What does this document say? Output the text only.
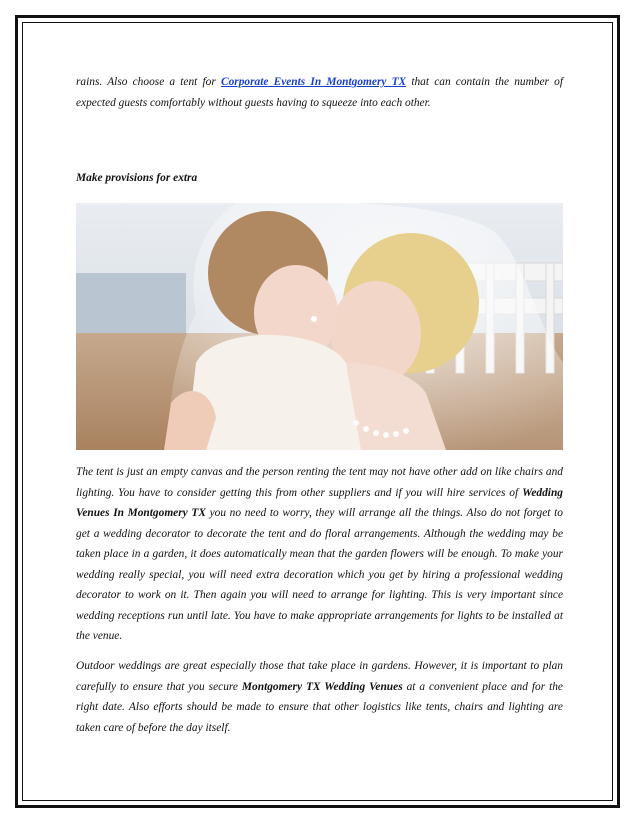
rains. Also choose a tent for Corporate Events In Montgomery TX that can contain the number of expected guests comfortably without guests having to squeeze into each other.

Make provisions for extra

The tent is just an empty canvas and the person renting the tent may not have other add on like chairs and lighting. You have to consider getting this from other suppliers and if you will hire services of Wedding Venues In Montgomery TX you no need to worry, they will arrange all the things. Also do not forget to get a wedding decorator to decorate the tent and do floral arrangements. Although the wedding may be taken place in a garden, it does automatically mean that the garden flowers will be enough. To make your wedding really special, you will need extra decoration which you get by hiring a professional wedding decorator to work on it. Then again you will need to arrange for lighting. This is very important since wedding receptions run until late. You have to make appropriate arrangements for lights to be installed at the venue.

Outdoor weddings are great especially those that take place in gardens. However, it is important to plan carefully to ensure that you secure Montgomery TX Wedding Venues at a convenient place and for the right date. Also efforts should be made to ensure that other logistics like tents, chairs and lighting are taken care of before the day itself.
